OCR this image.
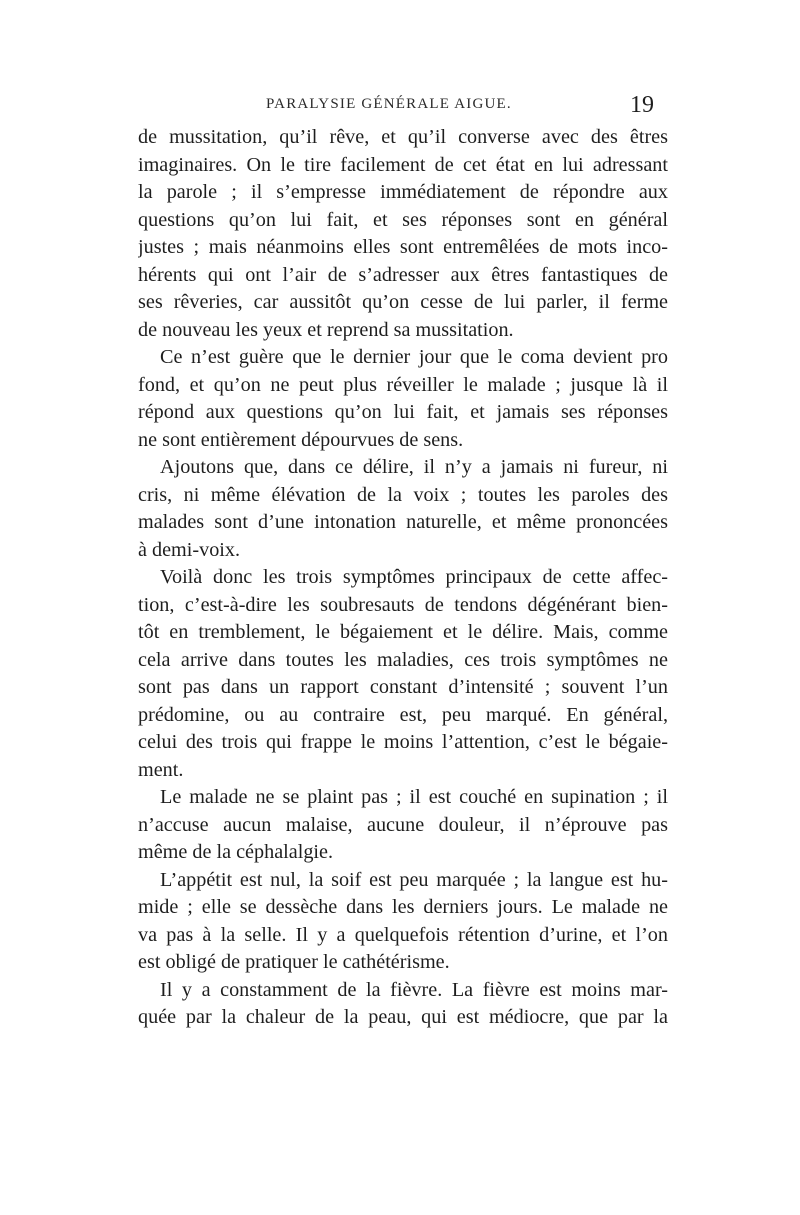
PARALYSIE GÉNÉRALE AIGUE.	19
de mussitation, qu’il rêve, et qu’il converse avec des êtres
imaginaires. On le tire facilement de cet état en lui adressant
la parole ; il s’empresse immédiatement de répondre aux
questions qu’on lui fait, et ses réponses sont en général
justes ; mais néanmoins elles sont entremêlées de mots inco-
hérents qui ont l’air de s’adresser aux êtres fantastiques de
ses rêveries, car aussitôt qu’on cesse de lui parler, il ferme
de nouveau les yeux et reprend sa mussitation.
Ce n’est guère que le dernier jour que le coma devient pro
fond, et qu’on ne peut plus réveiller le malade ; jusque là il
répond aux questions qu’on lui fait, et jamais ses réponses
ne sont entièrement dépourvues de sens.
Ajoutons que, dans ce délire, il n’y a jamais ni fureur, ni
cris, ni même élévation de la voix ; toutes les paroles des
malades sont d’une intonation naturelle, et même prononcées
à demi-voix.
Voilà donc les trois symptômes principaux de cette affec-
tion, c’est-à-dire les soubresauts de tendons dégénérant bien-
tôt en tremblement, le bégaiement et le délire. Mais, comme
cela arrive dans toutes les maladies, ces trois symptômes ne
sont pas dans un rapport constant d’intensité ; souvent l’un
prédomine, ou au contraire est, peu marqué. En général,
celui des trois qui frappe le moins l’attention, c’est le bégaie-
ment.
Le malade ne se plaint pas ; il est couché en supination ; il
n’accuse aucun malaise, aucune douleur, il n’éprouve pas
même de la céphalalgie.
L’appétit est nul, la soif est peu marquée ; la langue est hu-
mide ; elle se dessèche dans les derniers jours. Le malade ne
va pas à la selle. Il y a quelquefois rétention d’urine, et l’on
est obligé de pratiquer le cathétérisme.
Il y a constamment de la fièvre. La fièvre est moins mar-
quée par la chaleur de la peau, qui est médiocre, que par la
